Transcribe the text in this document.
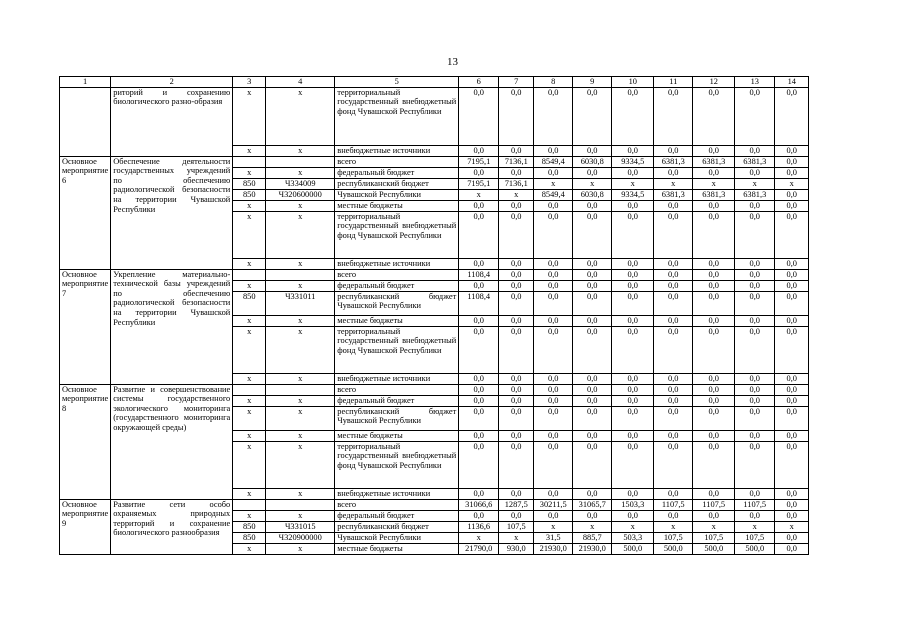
13
1	2	3	4	5	6	7	8	9	10	11	12	13	14
	риторий и сохранению биологического разно-образия	x	x	территориальный государственный внебюджетный фонд Чувашской Республики	0,0	0,0	0,0	0,0	0,0	0,0	0,0	0,0	0,0
		x	x	внебюджетные источники	0,0	0,0	0,0	0,0	0,0	0,0	0,0	0,0	0,0
Основное мероприятие 6	Обеспечение деятельности государственных учреждений по обеспечению радиологической безопасности на территории Чувашской Республики			всего	7195,1	7136,1	8549,4	6030,8	9334,5	6381,3	6381,3	6381,3	0,0
		x	x	федеральный бюджет	0,0	0,0	0,0	0,0	0,0	0,0	0,0	0,0	0,0
		850	Ч334009	республиканский бюджет	7195,1	7136,1	x	x	x	x	x	x	x
		850	Ч320600000	Чувашской Республики	x	x	8549,4	6030,8	9334,5	6381,3	6381,3	6381,3	0,0
		x	x	местные бюджеты	0,0	0,0	0,0	0,0	0,0	0,0	0,0	0,0	0,0
		x	x	территориальный государственный внебюджетный фонд Чувашской Республики	0,0	0,0	0,0	0,0	0,0	0,0	0,0	0,0	0,0
		x	x	внебюджетные источники	0,0	0,0	0,0	0,0	0,0	0,0	0,0	0,0	0,0
Основное мероприятие 7	Укрепление материально-технической базы учреждений по обеспечению радиологической безопасности на территории Чувашской Республики			всего	1108,4	0,0	0,0	0,0	0,0	0,0	0,0	0,0	0,0
		x	x	федеральный бюджет	0,0	0,0	0,0	0,0	0,0	0,0	0,0	0,0	0,0
		850	Ч331011	республиканский бюджет Чувашской Республики	1108,4	0,0	0,0	0,0	0,0	0,0	0,0	0,0	0,0
		x	x	местные бюджеты	0,0	0,0	0,0	0,0	0,0	0,0	0,0	0,0	0,0
		x	x	территориальный государственный внебюджетный фонд Чувашской Республики	0,0	0,0	0,0	0,0	0,0	0,0	0,0	0,0	0,0
		x	x	внебюджетные источники	0,0	0,0	0,0	0,0	0,0	0,0	0,0	0,0	0,0
Основное мероприятие 8	Развитие и совершенствование системы государственного экологического мониторинга (государственного мониторинга окружающей среды)			всего	0,0	0,0	0,0	0,0	0,0	0,0	0,0	0,0	0,0
		x	x	федеральный бюджет	0,0	0,0	0,0	0,0	0,0	0,0	0,0	0,0	0,0
		x	x	республиканский бюджет Чувашской Республики	0,0	0,0	0,0	0,0	0,0	0,0	0,0	0,0	0,0
		x	x	местные бюджеты	0,0	0,0	0,0	0,0	0,0	0,0	0,0	0,0	0,0
		x	x	территориальный государственный внебюджетный фонд Чувашской Республики	0,0	0,0	0,0	0,0	0,0	0,0	0,0	0,0	0,0
		x	x	внебюджетные источники	0,0	0,0	0,0	0,0	0,0	0,0	0,0	0,0	0,0
Основное мероприятие 9	Развитие сети особо охраняемых природных территорий и сохранение биологического разнообразия			всего	31066,6	1287,5	30211,5	31065,7	1503,3	1107,5	1107,5	1107,5	0,0
		x	x	федеральный бюджет	0,0	0,0	0,0	0,0	0,0	0,0	0,0	0,0	0,0
		850	Ч331015	республиканский бюджет	1136,6	107,5	x	x	x	x	x	x	x
		850	Ч320900000	Чувашской Республики	x	x	31,5	885,7	503,3	107,5	107,5	107,5	0,0
		x	x	местные бюджеты	21790,0	930,0	21930,0	21930,0	500,0	500,0	500,0	500,0	0,0
